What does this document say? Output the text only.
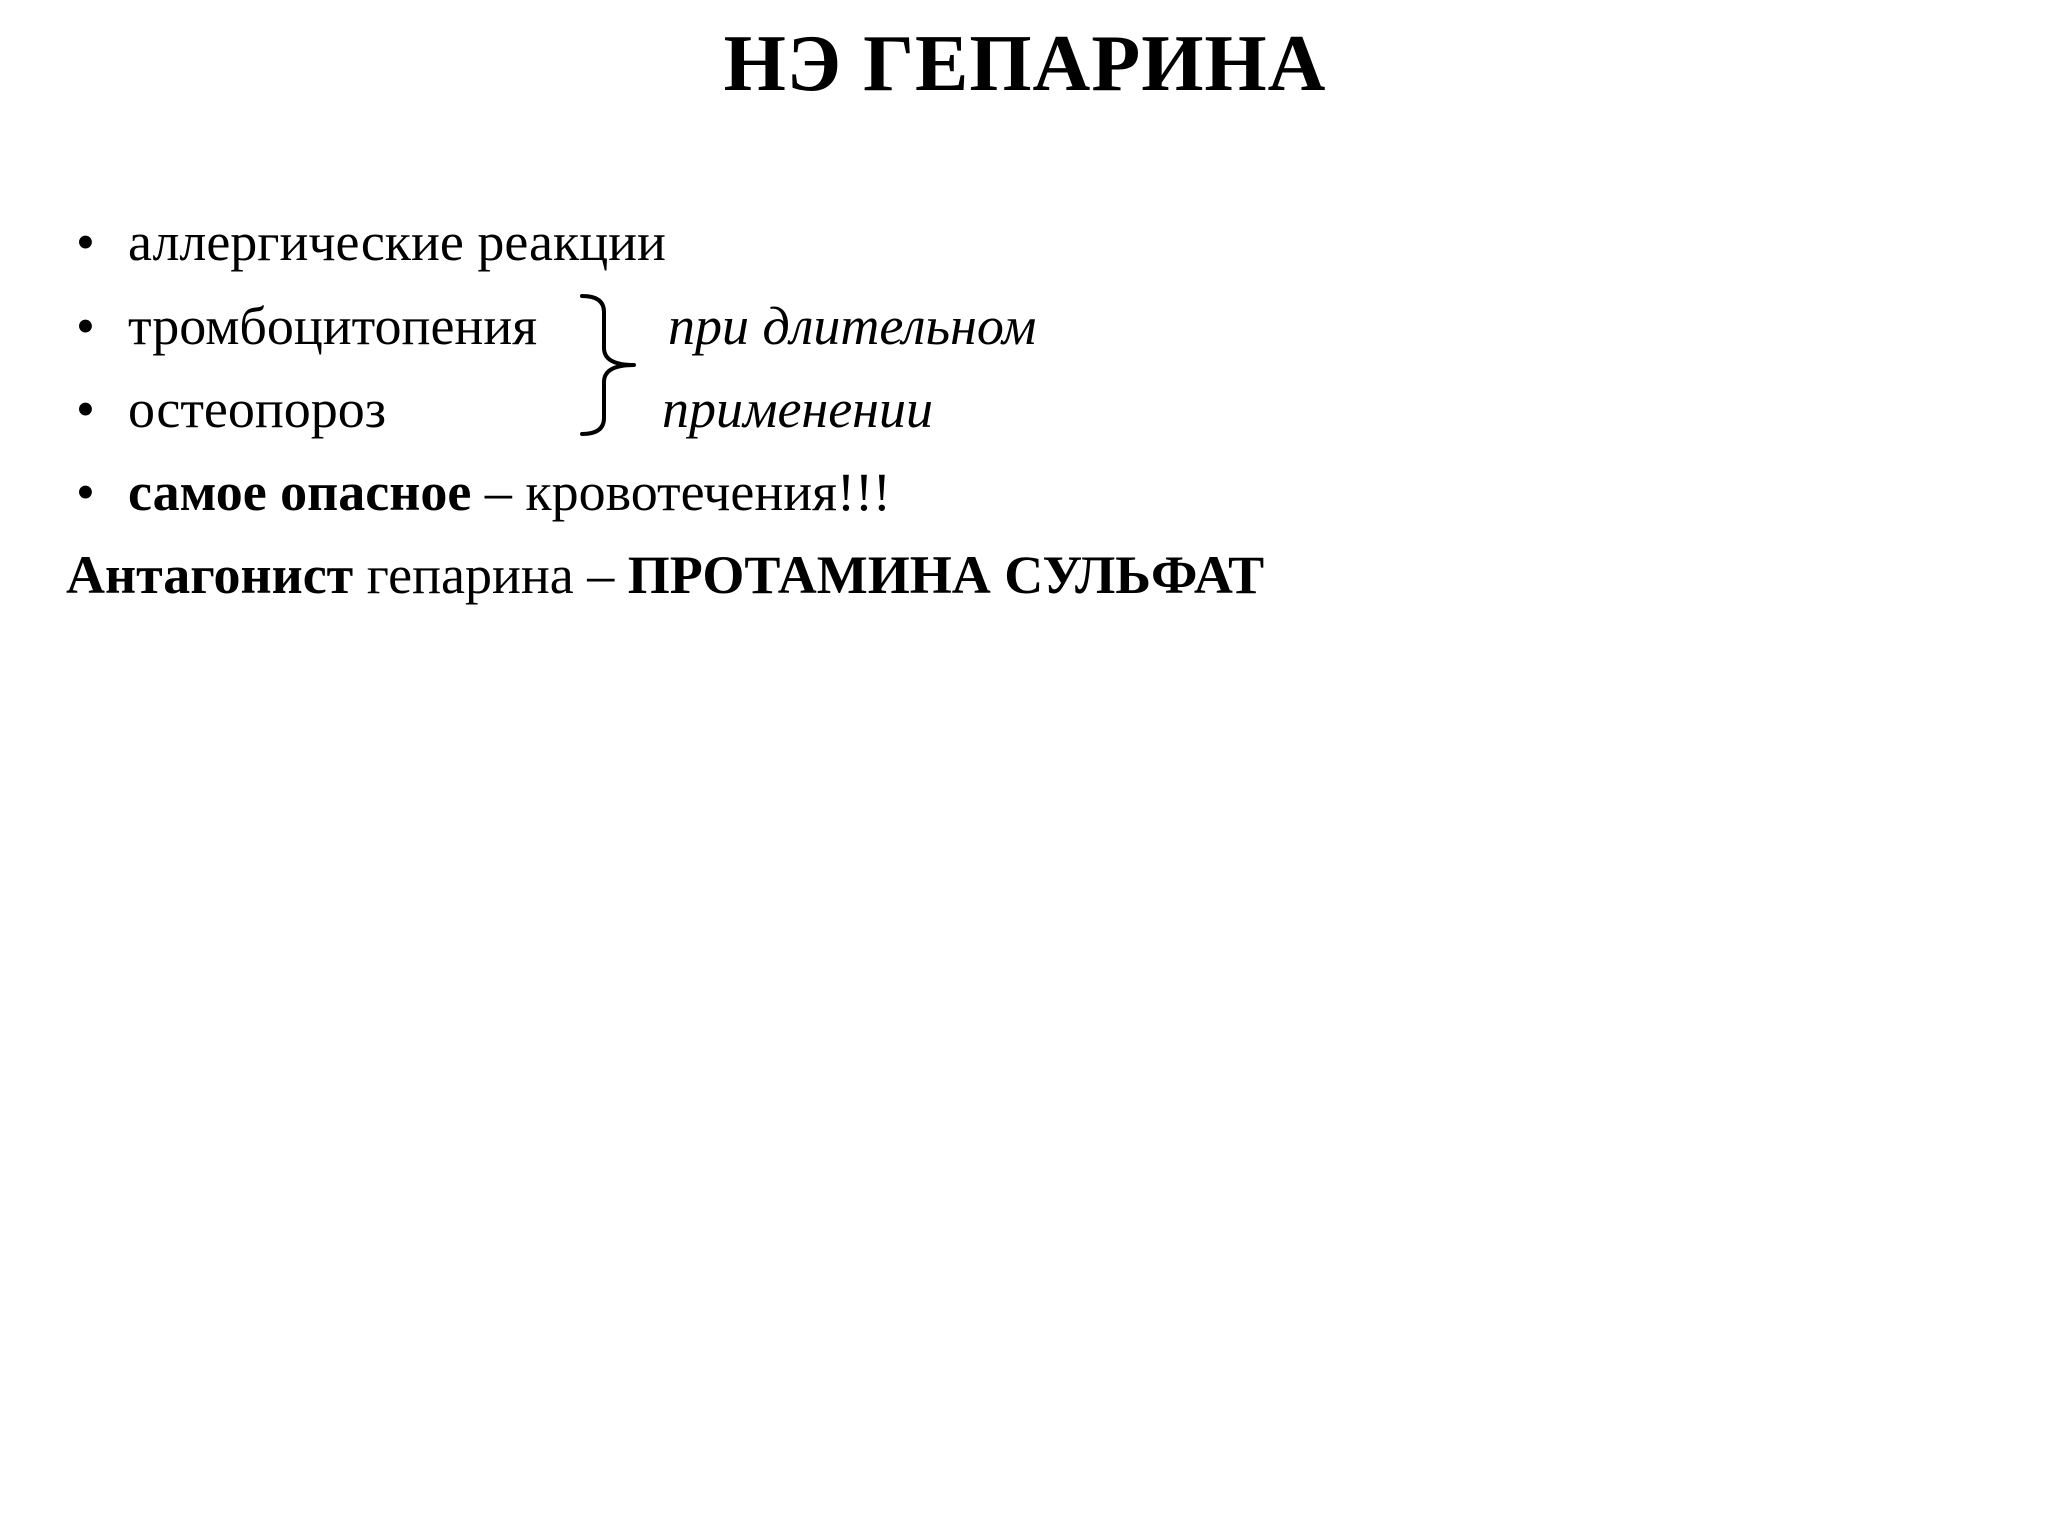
НЭ ГЕПАРИНА
• аллергические реакции
• тромбоцитопения
• остеопороз
при длительном
применении
• самое опасное – кровотечения!!!
Антагонист гепарина – ПРОТАМИНА СУЛЬФАТ
